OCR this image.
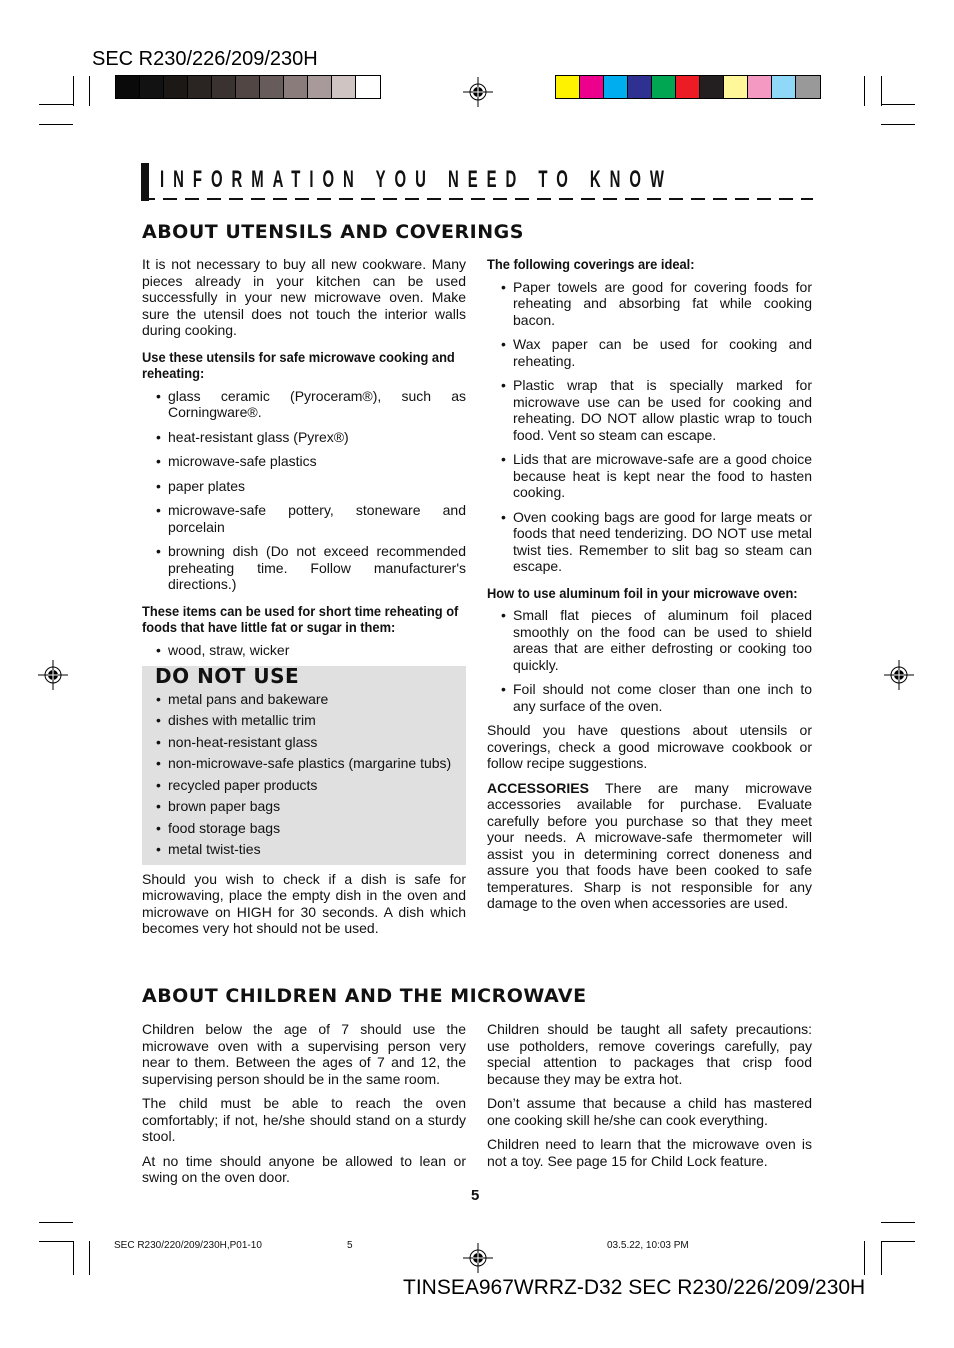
SEC R230/226/209/230H
INFORMATION YOU NEED TO KNOW
ABOUT UTENSILS AND COVERINGS

It is not necessary to buy all new cookware. Many pieces already in your kitchen can be used successfully in your new microwave oven. Make sure the utensil does not touch the interior walls during cooking.

Use these utensils for safe microwave cooking and reheating:
• glass ceramic (Pyroceram®), such as Corningware®.
• heat-resistant glass (Pyrex®)
• microwave-safe plastics
• paper plates
• microwave-safe pottery, stoneware and porcelain
• browning dish (Do not exceed recommended preheating time. Follow manufacturer's directions.)
These items can be used for short time reheating of foods that have little fat or sugar in them:
• wood, straw, wicker
DO NOT USE
• metal pans and bakeware
• dishes with metallic trim
• non-heat-resistant glass
• non-microwave-safe plastics (margarine tubs)
• recycled paper products
• brown paper bags
• food storage bags
• metal twist-ties

Should you wish to check if a dish is safe for microwaving, place the empty dish in the oven and microwave on HIGH for 30 seconds. A dish which becomes very hot should not be used.

The following coverings are ideal:
• Paper towels are good for covering foods for reheating and absorbing fat while cooking bacon.
• Wax paper can be used for cooking and reheating.
• Plastic wrap that is specially marked for microwave use can be used for cooking and reheating. DO NOT allow plastic wrap to touch food. Vent so steam can escape.
• Lids that are microwave-safe are a good choice because heat is kept near the food to hasten cooking.
• Oven cooking bags are good for large meats or foods that need tenderizing. DO NOT use metal twist ties. Remember to slit bag so steam can escape.
How to use aluminum foil in your microwave oven:
• Small flat pieces of aluminum foil placed smoothly on the food can be used to shield areas that are either defrosting or cooking too quickly.
• Foil should not come closer than one inch to any surface of the oven.

Should you have questions about utensils or coverings, check a good microwave cookbook or follow recipe suggestions.

ACCESSORIES There are many microwave accessories available for purchase. Evaluate carefully before you purchase so that they meet your needs. A microwave-safe thermometer will assist you in determining correct doneness and assure you that foods have been cooked to safe temperatures. Sharp is not responsible for any damage to the oven when accessories are used.

ABOUT CHILDREN AND THE MICROWAVE

Children below the age of 7 should use the microwave oven with a supervising person very near to them. Between the ages of 7 and 12, the supervising person should be in the same room.

The child must be able to reach the oven comfortably; if not, he/she should stand on a sturdy stool.

At no time should anyone be allowed to lean or swing on the oven door.

Children should be taught all safety precautions: use potholders, remove coverings carefully, pay special attention to packages that crisp food because they may be extra hot.

Don’t assume that because a child has mastered one cooking skill he/she can cook everything.

Children need to learn that the microwave oven is not a toy. See page 15 for Child Lock feature.

5
SEC R230/220/209/230H,P01-10	5	03.5.22, 10:03 PM
TINSEA967WRRZ-D32 SEC R230/226/209/230H
